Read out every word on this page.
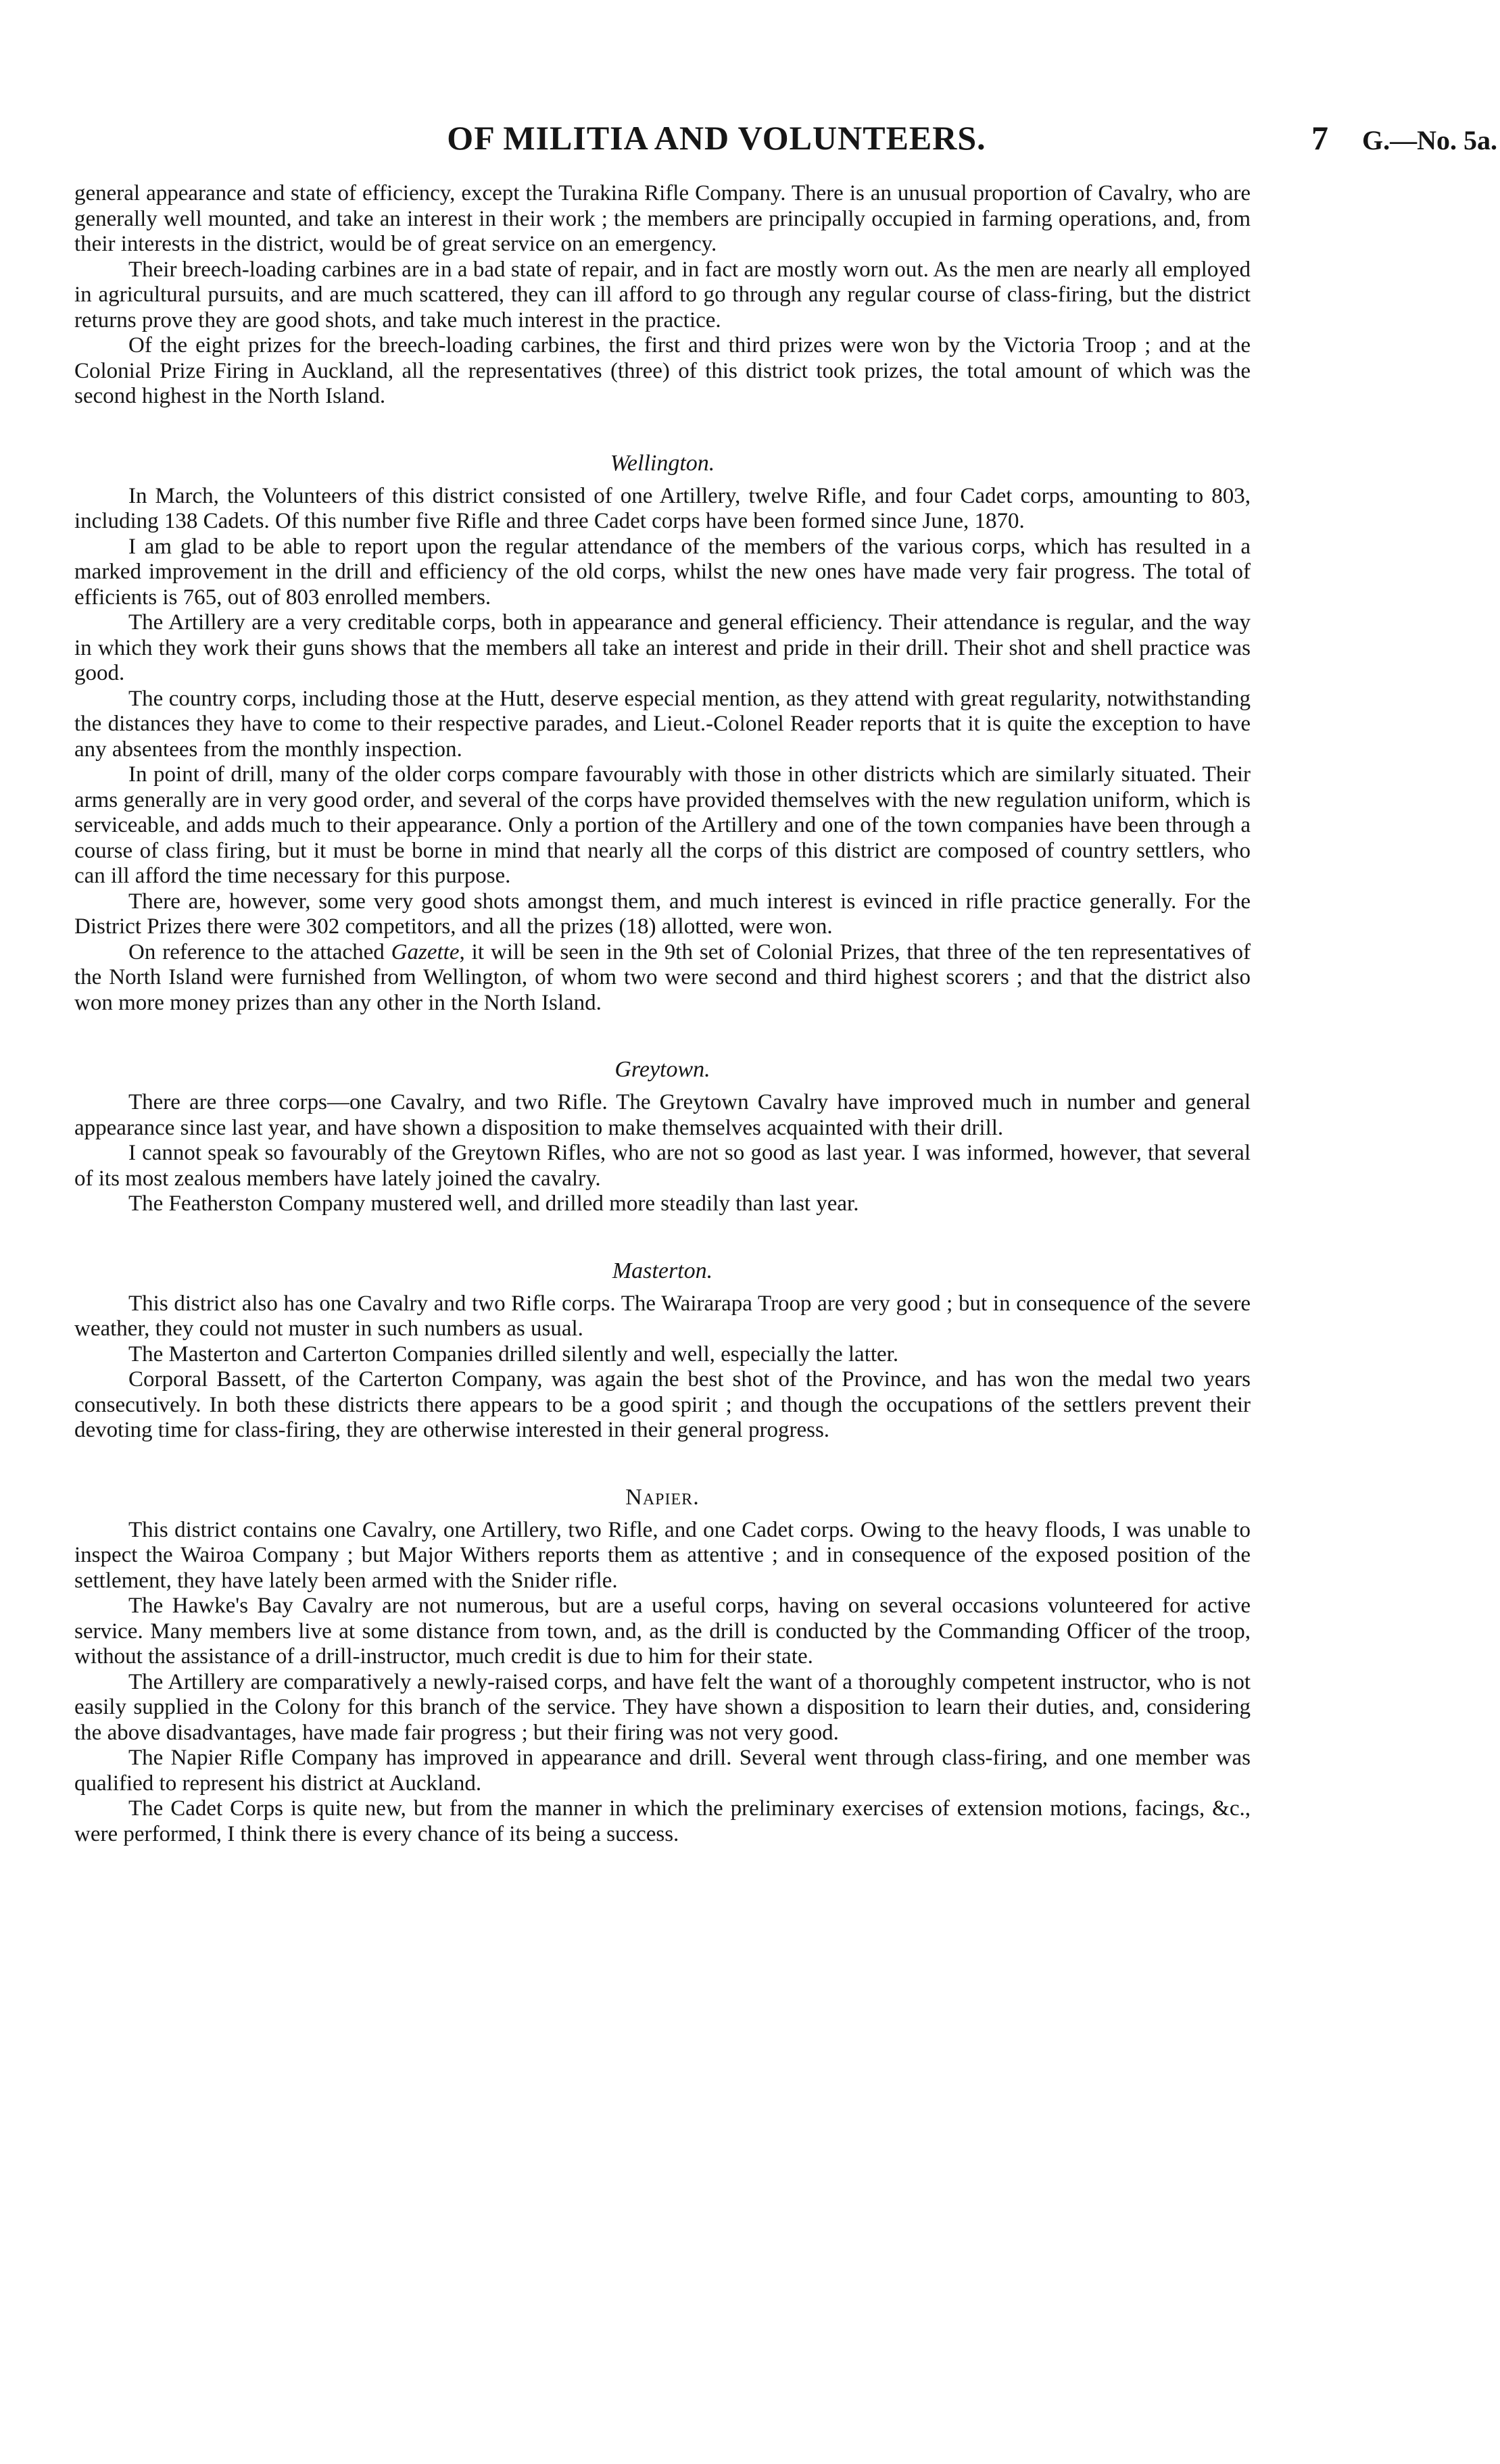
OF MILITIA AND VOLUNTEERS.	7 G.—No. 5a.

general appearance and state of efficiency, except the Turakina Rifle Company. There is an unusual proportion of Cavalry, who are generally well mounted, and take an interest in their work ; the members are principally occupied in farming operations, and, from their interests in the district, would be of great service on an emergency.

Their breech-loading carbines are in a bad state of repair, and in fact are mostly worn out. As the men are nearly all employed in agricultural pursuits, and are much scattered, they can ill afford to go through any regular course of class-firing, but the district returns prove they are good shots, and take much interest in the practice.

Of the eight prizes for the breech-loading carbines, the first and third prizes were won by the Victoria Troop ; and at the Colonial Prize Firing in Auckland, all the representatives (three) of this district took prizes, the total amount of which was the second highest in the North Island.

Wellington.

In March, the Volunteers of this district consisted of one Artillery, twelve Rifle, and four Cadet corps, amounting to 803, including 138 Cadets. Of this number five Rifle and three Cadet corps have been formed since June, 1870.

I am glad to be able to report upon the regular attendance of the members of the various corps, which has resulted in a marked improvement in the drill and efficiency of the old corps, whilst the new ones have made very fair progress. The total of efficients is 765, out of 803 enrolled members.

The Artillery are a very creditable corps, both in appearance and general efficiency. Their attendance is regular, and the way in which they work their guns shows that the members all take an interest and pride in their drill. Their shot and shell practice was good.

The country corps, including those at the Hutt, deserve especial mention, as they attend with great regularity, notwithstanding the distances they have to come to their respective parades, and Lieut.-Colonel Reader reports that it is quite the exception to have any absentees from the monthly inspection.

In point of drill, many of the older corps compare favourably with those in other districts which are similarly situated. Their arms generally are in very good order, and several of the corps have provided themselves with the new regulation uniform, which is serviceable, and adds much to their appearance. Only a portion of the Artillery and one of the town companies have been through a course of class firing, but it must be borne in mind that nearly all the corps of this district are composed of country settlers, who can ill afford the time necessary for this purpose.

There are, however, some very good shots amongst them, and much interest is evinced in rifle practice generally. For the District Prizes there were 302 competitors, and all the prizes (18) allotted, were won.

On reference to the attached Gazette, it will be seen in the 9th set of Colonial Prizes, that three of the ten representatives of the North Island were furnished from Wellington, of whom two were second and third highest scorers ; and that the district also won more money prizes than any other in the North Island.

Greytown.

There are three corps—one Cavalry, and two Rifle. The Greytown Cavalry have improved much in number and general appearance since last year, and have shown a disposition to make themselves acquainted with their drill.

I cannot speak so favourably of the Greytown Rifles, who are not so good as last year. I was informed, however, that several of its most zealous members have lately joined the cavalry.

The Featherston Company mustered well, and drilled more steadily than last year.

Masterton.

This district also has one Cavalry and two Rifle corps. The Wairarapa Troop are very good ; but in consequence of the severe weather, they could not muster in such numbers as usual.

The Masterton and Carterton Companies drilled silently and well, especially the latter.

Corporal Bassett, of the Carterton Company, was again the best shot of the Province, and has won the medal two years consecutively. In both these districts there appears to be a good spirit ; and though the occupations of the settlers prevent their devoting time for class-firing, they are otherwise interested in their general progress.

Napier.

This district contains one Cavalry, one Artillery, two Rifle, and one Cadet corps. Owing to the heavy floods, I was unable to inspect the Wairoa Company ; but Major Withers reports them as attentive ; and in consequence of the exposed position of the settlement, they have lately been armed with the Snider rifle.

The Hawke's Bay Cavalry are not numerous, but are a useful corps, having on several occasions volunteered for active service. Many members live at some distance from town, and, as the drill is conducted by the Commanding Officer of the troop, without the assistance of a drill-instructor, much credit is due to him for their state.

The Artillery are comparatively a newly-raised corps, and have felt the want of a thoroughly competent instructor, who is not easily supplied in the Colony for this branch of the service. They have shown a disposition to learn their duties, and, considering the above disadvantages, have made fair progress ; but their firing was not very good.

The Napier Rifle Company has improved in appearance and drill. Several went through class-firing, and one member was qualified to represent his district at Auckland.

The Cadet Corps is quite new, but from the manner in which the preliminary exercises of extension motions, facings, &c., were performed, I think there is every chance of its being a success.
